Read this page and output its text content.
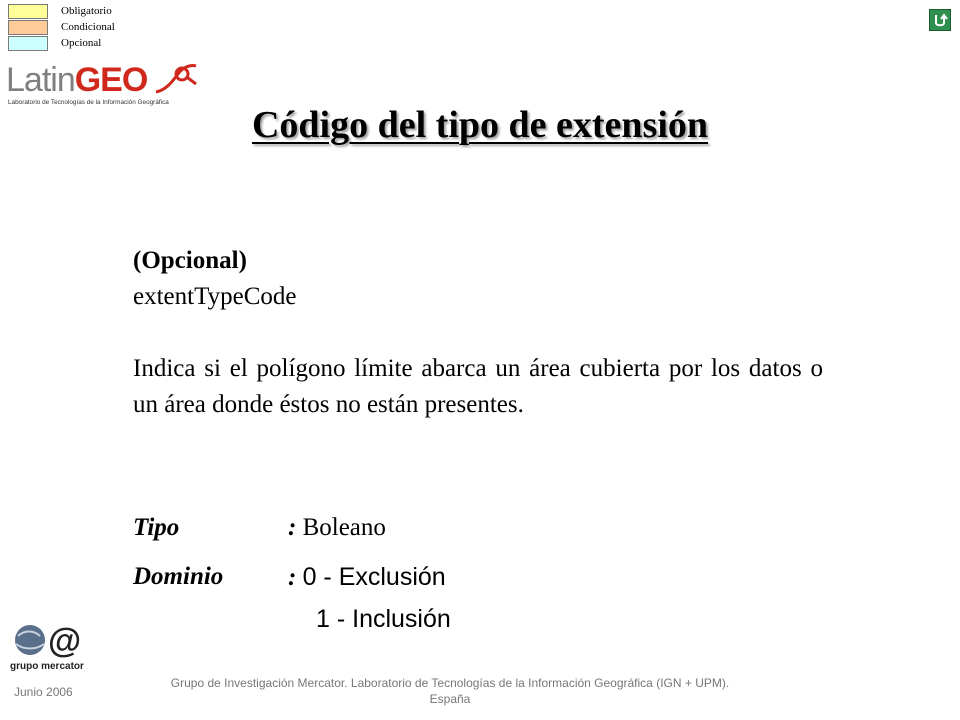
Obligatorio
Condicional
Opcional
LatinGEO
Laboratorio de Tecnologías de la Información Geográfica
Código del tipo de extensión
(Opcional)
extentTypeCode
Indica si el polígono límite abarca un área cubierta por los datos o un área donde éstos no están presentes.
Tipo	: Boleano
Dominio	: 0 - Exclusión
1 - Inclusión
@
grupo mercator
Junio 2006
Grupo de Investigación Mercator. Laboratorio de Tecnologías de la Información Geográfica (IGN + UPM).
España
